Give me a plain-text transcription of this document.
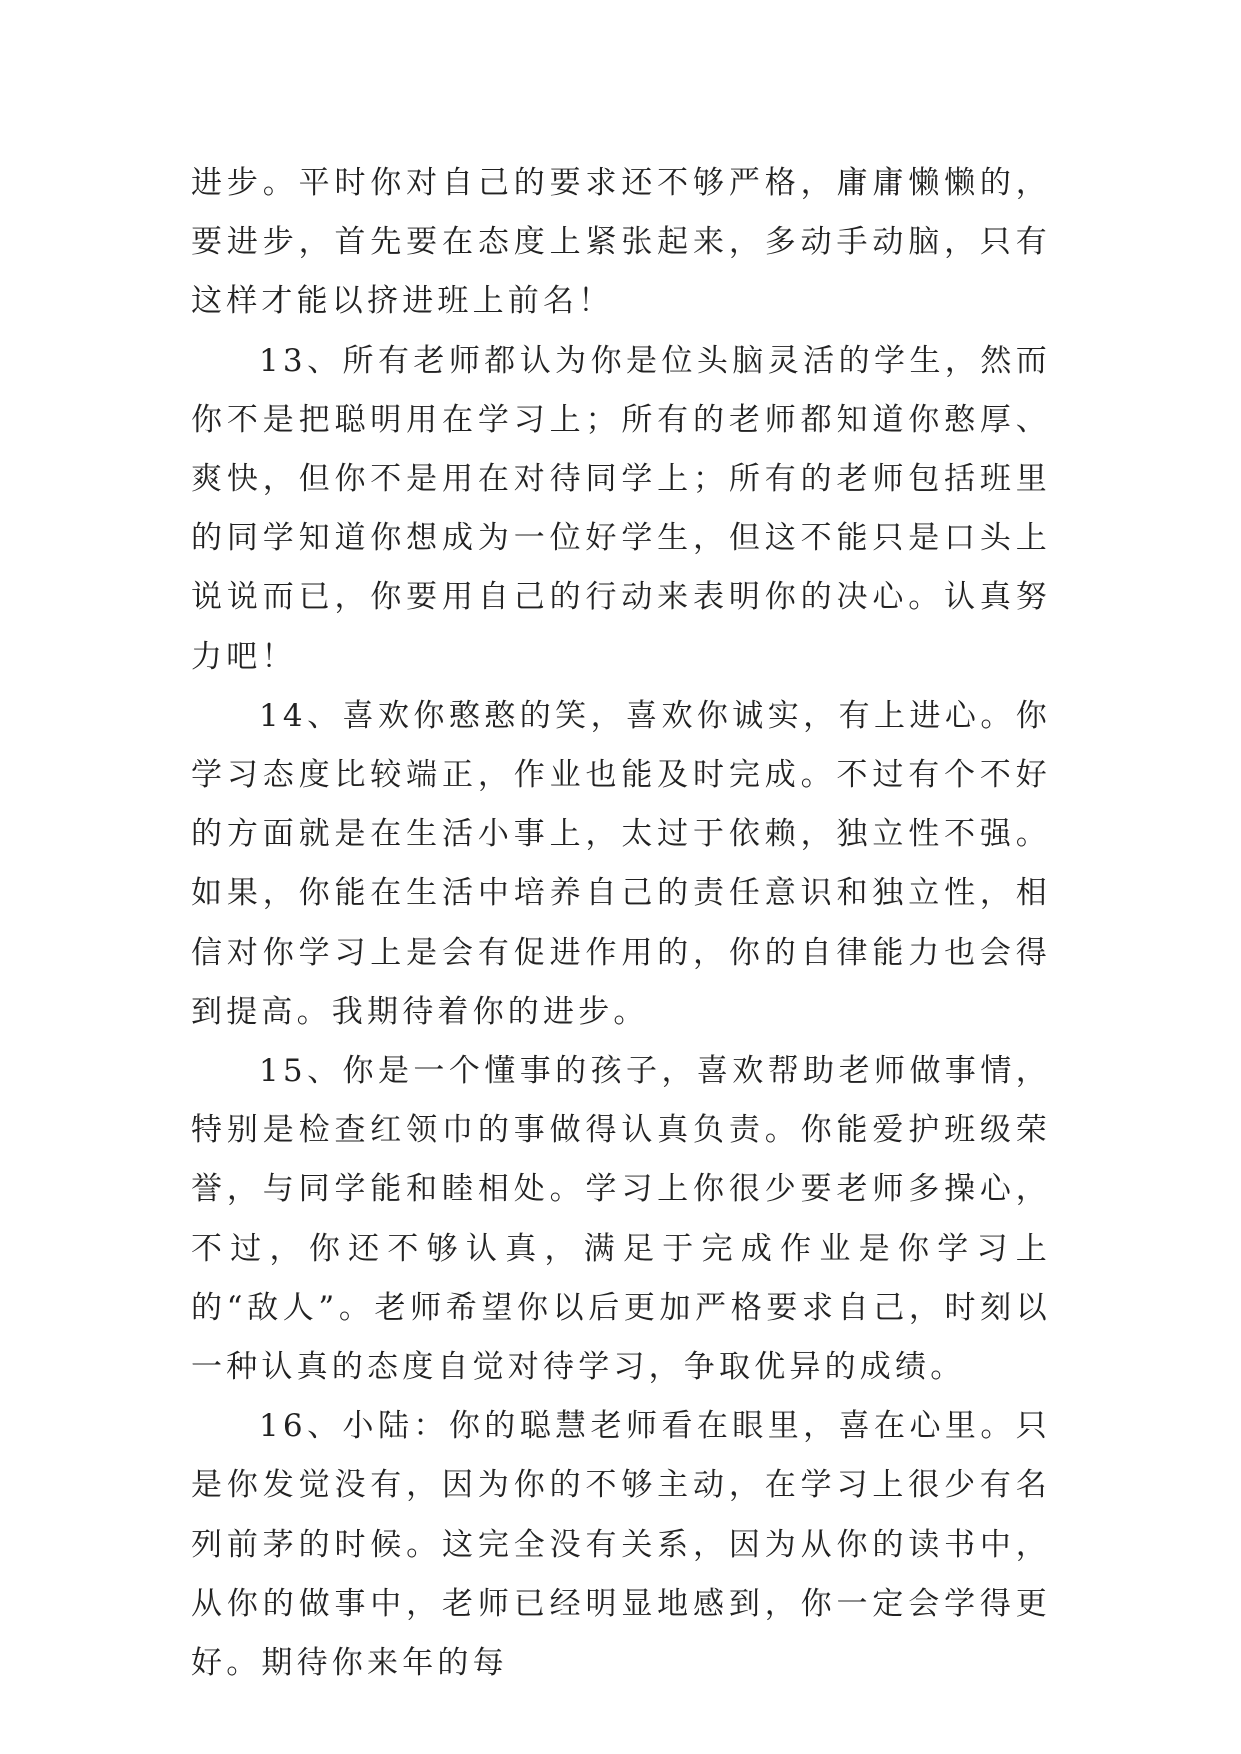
进步。平时你对自己的要求还不够严格，庸庸懒懒的，要进步，首先要在态度上紧张起来，多动手动脑，只有这样才能以挤进班上前名！

13、所有老师都认为你是位头脑灵活的学生，然而你不是把聪明用在学习上；所有的老师都知道你憨厚、爽快，但你不是用在对待同学上；所有的老师包括班里的同学知道你想成为一位好学生，但这不能只是口头上说说而已，你要用自己的行动来表明你的决心。认真努力吧！

14、喜欢你憨憨的笑，喜欢你诚实，有上进心。你学习态度比较端正，作业也能及时完成。不过有个不好的方面就是在生活小事上，太过于依赖，独立性不强。如果，你能在生活中培养自己的责任意识和独立性，相信对你学习上是会有促进作用的，你的自律能力也会得到提高。我期待着你的进步。

15、你是一个懂事的孩子，喜欢帮助老师做事情，特别是检查红领巾的事做得认真负责。你能爱护班级荣誉，与同学能和睦相处。学习上你很少要老师多操心，不过，你还不够认真，满足于完成作业是你学习上的“敌人”。老师希望你以后更加严格要求自己，时刻以一种认真的态度自觉对待学习，争取优异的成绩。

16、小陆：你的聪慧老师看在眼里，喜在心里。只是你发觉没有，因为你的不够主动，在学习上很少有名列前茅的时候。这完全没有关系，因为从你的读书中，从你的做事中，老师已经明显地感到，你一定会学得更好。期待你来年的每
